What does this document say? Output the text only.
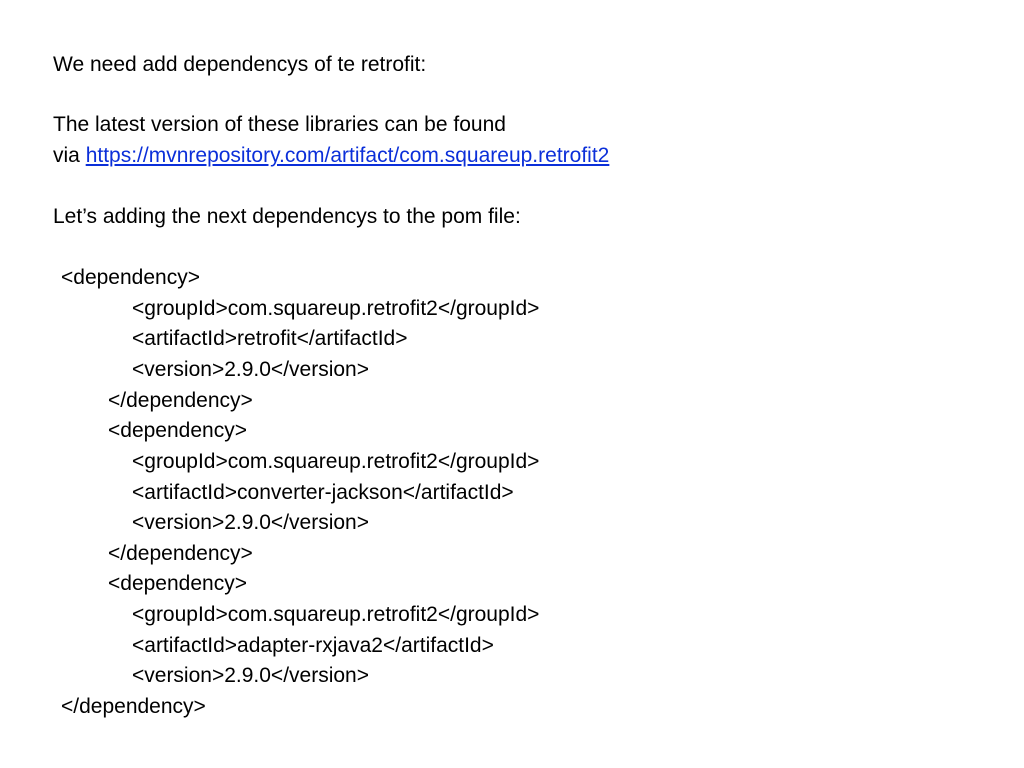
We need add dependencys of te retrofit:
The latest version of these libraries can be found
via https://mvnrepository.com/artifact/com.squareup.retrofit2
Let’s adding the next dependencys to the pom file:
<dependency>
<groupId>com.squareup.retrofit2</groupId>
<artifactId>retrofit</artifactId>
<version>2.9.0</version>
</dependency>
<dependency>
<groupId>com.squareup.retrofit2</groupId>
<artifactId>converter-jackson</artifactId>
<version>2.9.0</version>
</dependency>
<dependency>
<groupId>com.squareup.retrofit2</groupId>
<artifactId>adapter-rxjava2</artifactId>
<version>2.9.0</version>
</dependency>
